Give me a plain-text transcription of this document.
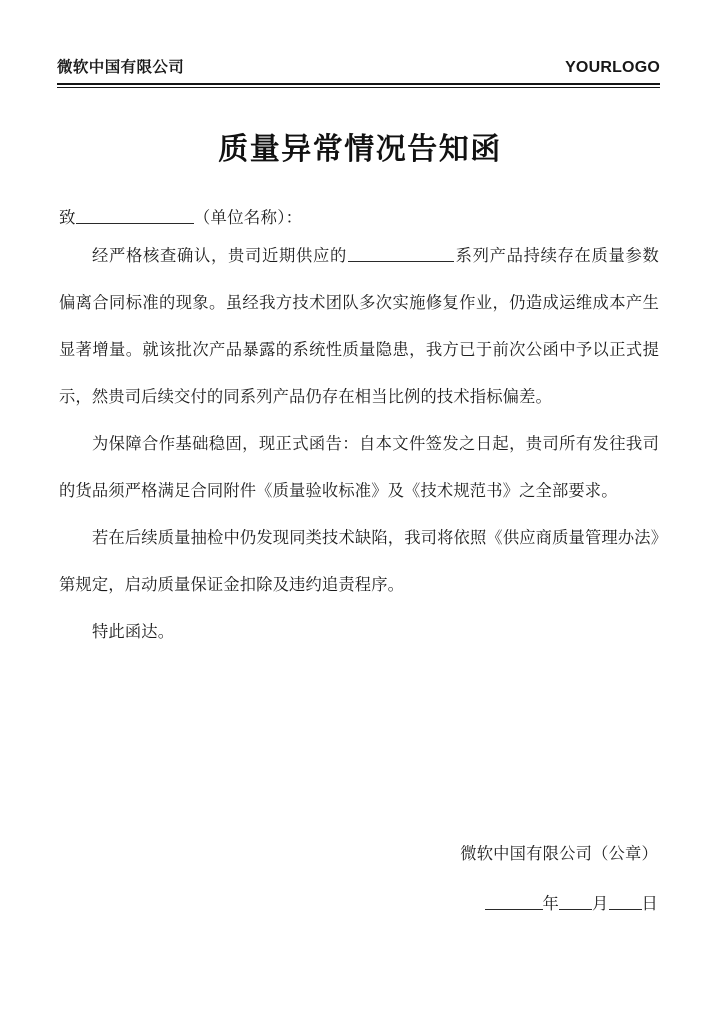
微软中国有限公司	YOURLOGO
质量异常情况告知函
致	（单位名称）：

经严格核查确认，贵司近期供应的	系列产品持续存在质量参数偏离合同标准的现象。虽经我方技术团队多次实施修复作业，仍造成运维成本产生显著增量。就该批次产品暴露的系统性质量隐患，我方已于前次公函中予以正式提示，然贵司后续交付的同系列产品仍存在相当比例的技术指标偏差。

为保障合作基础稳固，现正式函告：自本文件签发之日起，贵司所有发往我司的货品须严格满足合同附件《质量验收标准》及《技术规范书》之全部要求。

若在后续质量抽检中仍发现同类技术缺陷，我司将依照《供应商质量管理办法》第规定，启动质量保证金扣除及违约追责程序。

特此函达。

微软中国有限公司（公章）
年 月 日
